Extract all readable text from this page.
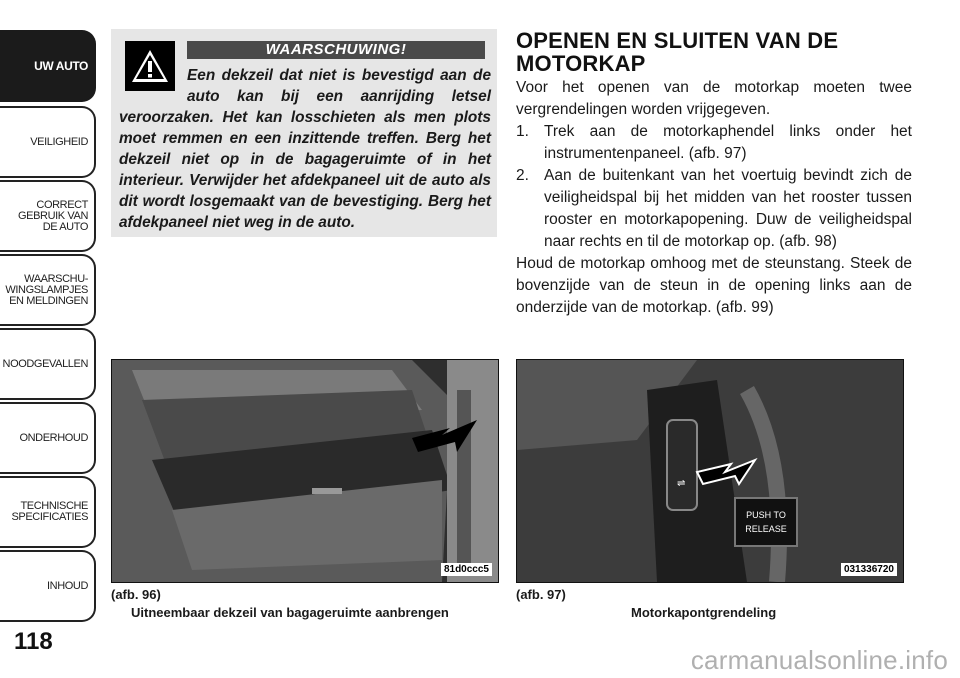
UW AUTO
VEILIGHEID
CORRECT
GEBRUIK VAN
DE AUTO
WAARSCHU-
WINGSLAMPJES
EN MELDINGEN
NOODGEVALLEN
ONDERHOUD
TECHNISCHE
SPECIFICATIES
INHOUD
118
WAARSCHUWING!
Een dekzeil dat niet is bevestigd aan de auto kan bij een aanrijding letsel veroorzaken. Het kan losschieten als men plots moet remmen en een inzittende treffen. Berg het dekzeil niet op in de bagageruimte of in het interieur. Verwijder het afdekpaneel uit de auto als dit wordt losgemaakt van de bevestiging. Berg het afdekpaneel niet weg in de auto.
OPENEN EN SLUITEN VAN DE MOTORKAP
Voor het openen van de motorkap moeten twee vergrendelingen worden vrijgegeven.
1. Trek aan de motorkaphendel links onder het instrumentenpaneel. (afb. 97)
2. Aan de buitenkant van het voertuig bevindt zich de veiligheidspal bij het midden van het rooster tussen rooster en motorkapopening. Duw de veiligheidspal naar rechts en til de motorkap op. (afb. 98)
Houd de motorkap omhoog met de steunstang. Steek de bovenzijde van de steun in de opening links aan de onderzijde van de motorkap. (afb. 99)
81d0ccc5
(afb. 96)
Uitneembaar dekzeil van bagageruimte aanbrengen
PUSH TO
RELEASE
⇌
031336720
(afb. 97)
Motorkapontgrendeling
carmanualsonline.info
